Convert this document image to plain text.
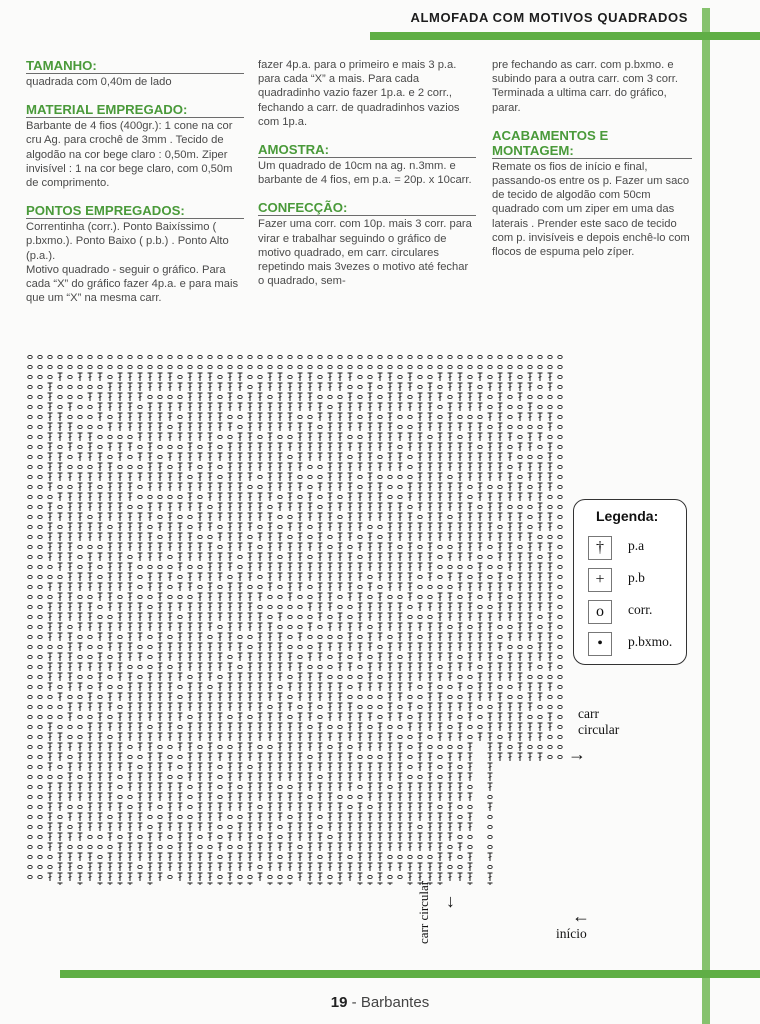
ALMOFADA COM MOTIVOS QUADRADOS
TAMANHO:

quadrada com 0,40m de lado

MATERIAL EMPREGADO:

Barbante de 4 fios (400gr.): 1 cone na cor cru Ag. para crochê de 3mm . Tecido de algodão na cor bege claro : 0,50m. Ziper invisível : 1 na cor bege claro, com 0,50m de comprimento.

PONTOS EMPREGADOS:

Correntinha (corr.). Ponto Baixíssimo ( p.bxmo.). Ponto Baixo ( p.b.) . Ponto Alto (p.a.).

Motivo quadrado - seguir o gráfico. Para cada “X” do gráfico fazer 4p.a. e para mais que um “X” na mesma carr.

fazer 4p.a. para o primeiro e mais 3 p.a. para cada “X” a mais. Para cada quadradinho vazio fazer 1p.a. e 2 corr., fechando a carr. de quadradinhos vazios com 1p.a.

AMOSTRA:

Um quadrado de 10cm na ag. n.3mm. e barbante de 4 fios, em p.a. = 20p. x 10carr.

CONFECÇÃO:

Fazer uma corr. com 10p. mais 3 corr. para virar e trabalhar seguindo o gráfico de motivo quadrado, em carr. circulares repetindo mais 3vezes o motivo até fechar o quadrado, sem-

pre fechando as carr. com p.bxmo. e subindo para a outra carr. com 3 corr. Terminada a ultima carr. do gráfico, parar.

ACABAMENTOS E MONTAGEM:

Remate os fios de início e final, passando-os entre os p. Fazer um saco de tecido de algodão com 50cm quadrado com um ziper em uma das laterais . Prender este saco de tecido com p. invisíveis e depois enchê-lo com flocos de espuma pelo zíper.

Legenda:
†	p.a
+	p.b
o	corr.
•	p.bxmo.
carr
circular
→
carr circular ↓
←
início
19 - Barbantes
